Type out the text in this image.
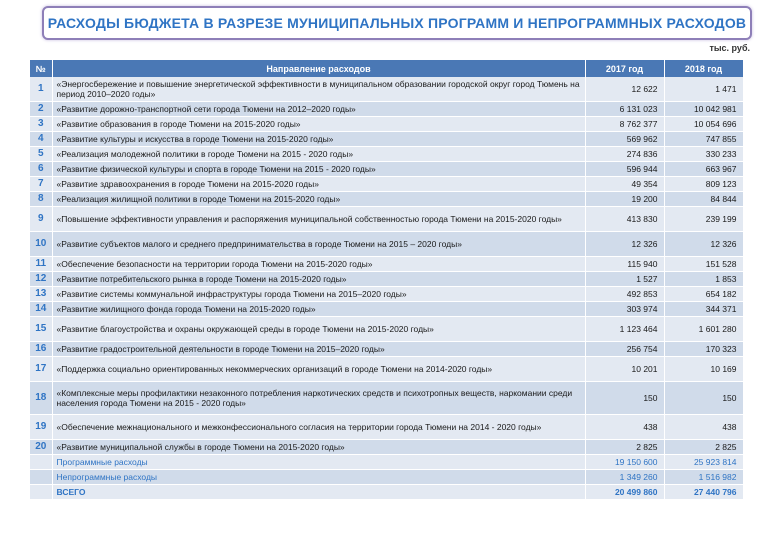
РАСХОДЫ БЮДЖЕТА В РАЗРЕЗЕ МУНИЦИПАЛЬНЫХ ПРОГРАММ И НЕПРОГРАММНЫХ РАСХОДОВ
тыс. руб.
№	Направление расходов	2017 год	2018 год
1	«Энергосбережение и повышение энергетической эффективности в муниципальном образовании городской округ город Тюмень на период 2010–2020 годы»	12 622	1 471
2	«Развитие дорожно-транспортной сети города Тюмени на 2012–2020 годы»	6 131 023	10 042 981
3	«Развитие образования в городе Тюмени на 2015-2020 годы»	8 762 377	10 054 696
4	«Развитие культуры и искусства в городе Тюмени на 2015-2020 годы»	569 962	747 855
5	«Реализация молодежной политики в городе Тюмени на 2015 - 2020 годы»	274 836	330 233
6	«Развитие физической культуры и спорта в городе Тюмени на 2015 - 2020 годы»	596 944	663 967
7	«Развитие здравоохранения в городе Тюмени на 2015-2020 годы»	49 354	809 123
8	«Реализация жилищной политики в городе Тюмени на 2015-2020 годы»	19 200	84 844
9	«Повышение эффективности управления и распоряжения муниципальной собственностью города Тюмени на 2015-2020 годы»	413 830	239 199
10	«Развитие субъектов малого и среднего предпринимательства в городе Тюмени на 2015 – 2020 годы»	12 326	12 326
11	«Обеспечение безопасности на территории города Тюмени на 2015-2020 годы»	115 940	151 528
12	«Развитие потребительского рынка в городе Тюмени на 2015-2020 годы»	1 527	1 853
13	«Развитие системы коммунальной инфраструктуры города Тюмени на 2015–2020 годы»	492 853	654 182
14	«Развитие жилищного фонда города Тюмени на 2015-2020 годы»	303 974	344 371
15	«Развитие благоустройства и охраны окружающей среды в городе Тюмени на 2015-2020 годы»	1 123 464	1 601 280
16	«Развитие градостроительной деятельности в городе Тюмени на 2015–2020 годы»	256 754	170 323
17	«Поддержка социально ориентированных некоммерческих организаций в городе Тюмени на 2014-2020 годы»	10 201	10 169
18	«Комплексные меры профилактики незаконного потребления наркотических средств и психотропных веществ, наркомании среди населения города Тюмени на 2015 - 2020 годы»	150	150
19	«Обеспечение межнационального и межконфессионального согласия на территории города Тюмени на 2014 - 2020 годы»	438	438
20	«Развитие муниципальной службы в городе Тюмени на 2015-2020 годы»	2 825	2 825
	Программные расходы	19 150 600	25 923 814
	Непрограммные расходы	1 349 260	1 516 982
	ВСЕГО	20 499 860	27 440 796
